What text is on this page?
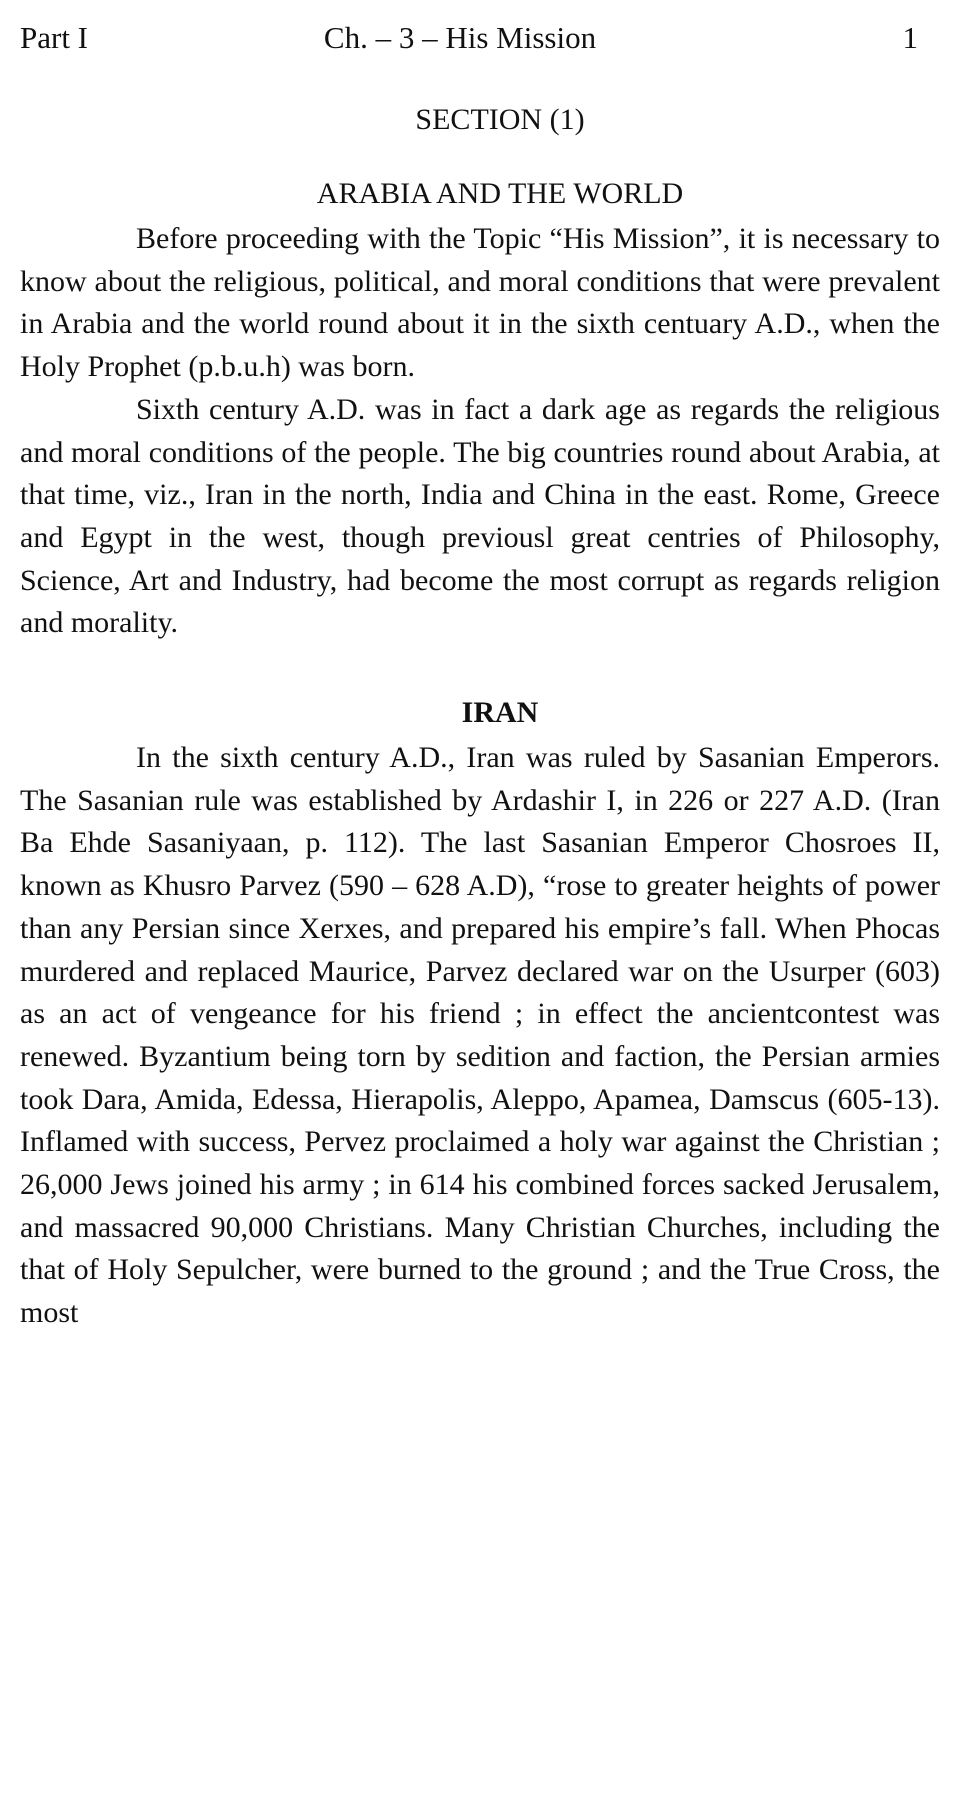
Part I	Ch. – 3 – His Mission	1
SECTION (1)
ARABIA AND THE WORLD

Before proceeding with the Topic “His Mission”, it is necessary to know about the religious, political, and moral conditions that were prevalent in Arabia and the world round about it in the sixth centuary A.D., when the Holy Prophet (p.b.u.h) was born.

Sixth century A.D. was in fact a dark age as regards the religious and moral conditions of the people. The big countries round about Arabia, at that time, viz., Iran in the north, India and China in the east. Rome, Greece and Egypt in the west, though previousl great centries of Philosophy, Science, Art and Industry, had become the most corrupt as regards religion and morality.

IRAN

In the sixth century A.D., Iran was ruled by Sasanian Emperors. The Sasanian rule was established by Ardashir I, in 226 or 227 A.D. (Iran Ba Ehde Sasaniyaan, p. 112). The last Sasanian Emperor Chosroes II, known as Khusro Parvez (590 – 628 A.D), “rose to greater heights of power than any Persian since Xerxes, and prepared his empire’s fall. When Phocas murdered and replaced Maurice, Parvez declared war on the Usurper (603) as an act of vengeance for his friend ; in effect the ancientcontest was renewed. Byzantium being torn by sedition and faction, the Persian armies took Dara, Amida, Edessa, Hierapolis, Aleppo, Apamea, Damscus (605-13). Inflamed with success, Pervez proclaimed a holy war against the Christian ; 26,000 Jews joined his army ; in 614 his combined forces sacked Jerusalem, and massacred 90,000 Christians. Many Christian Churches, including the that of Holy Sepulcher, were burned to the ground ; and the True Cross, the most
